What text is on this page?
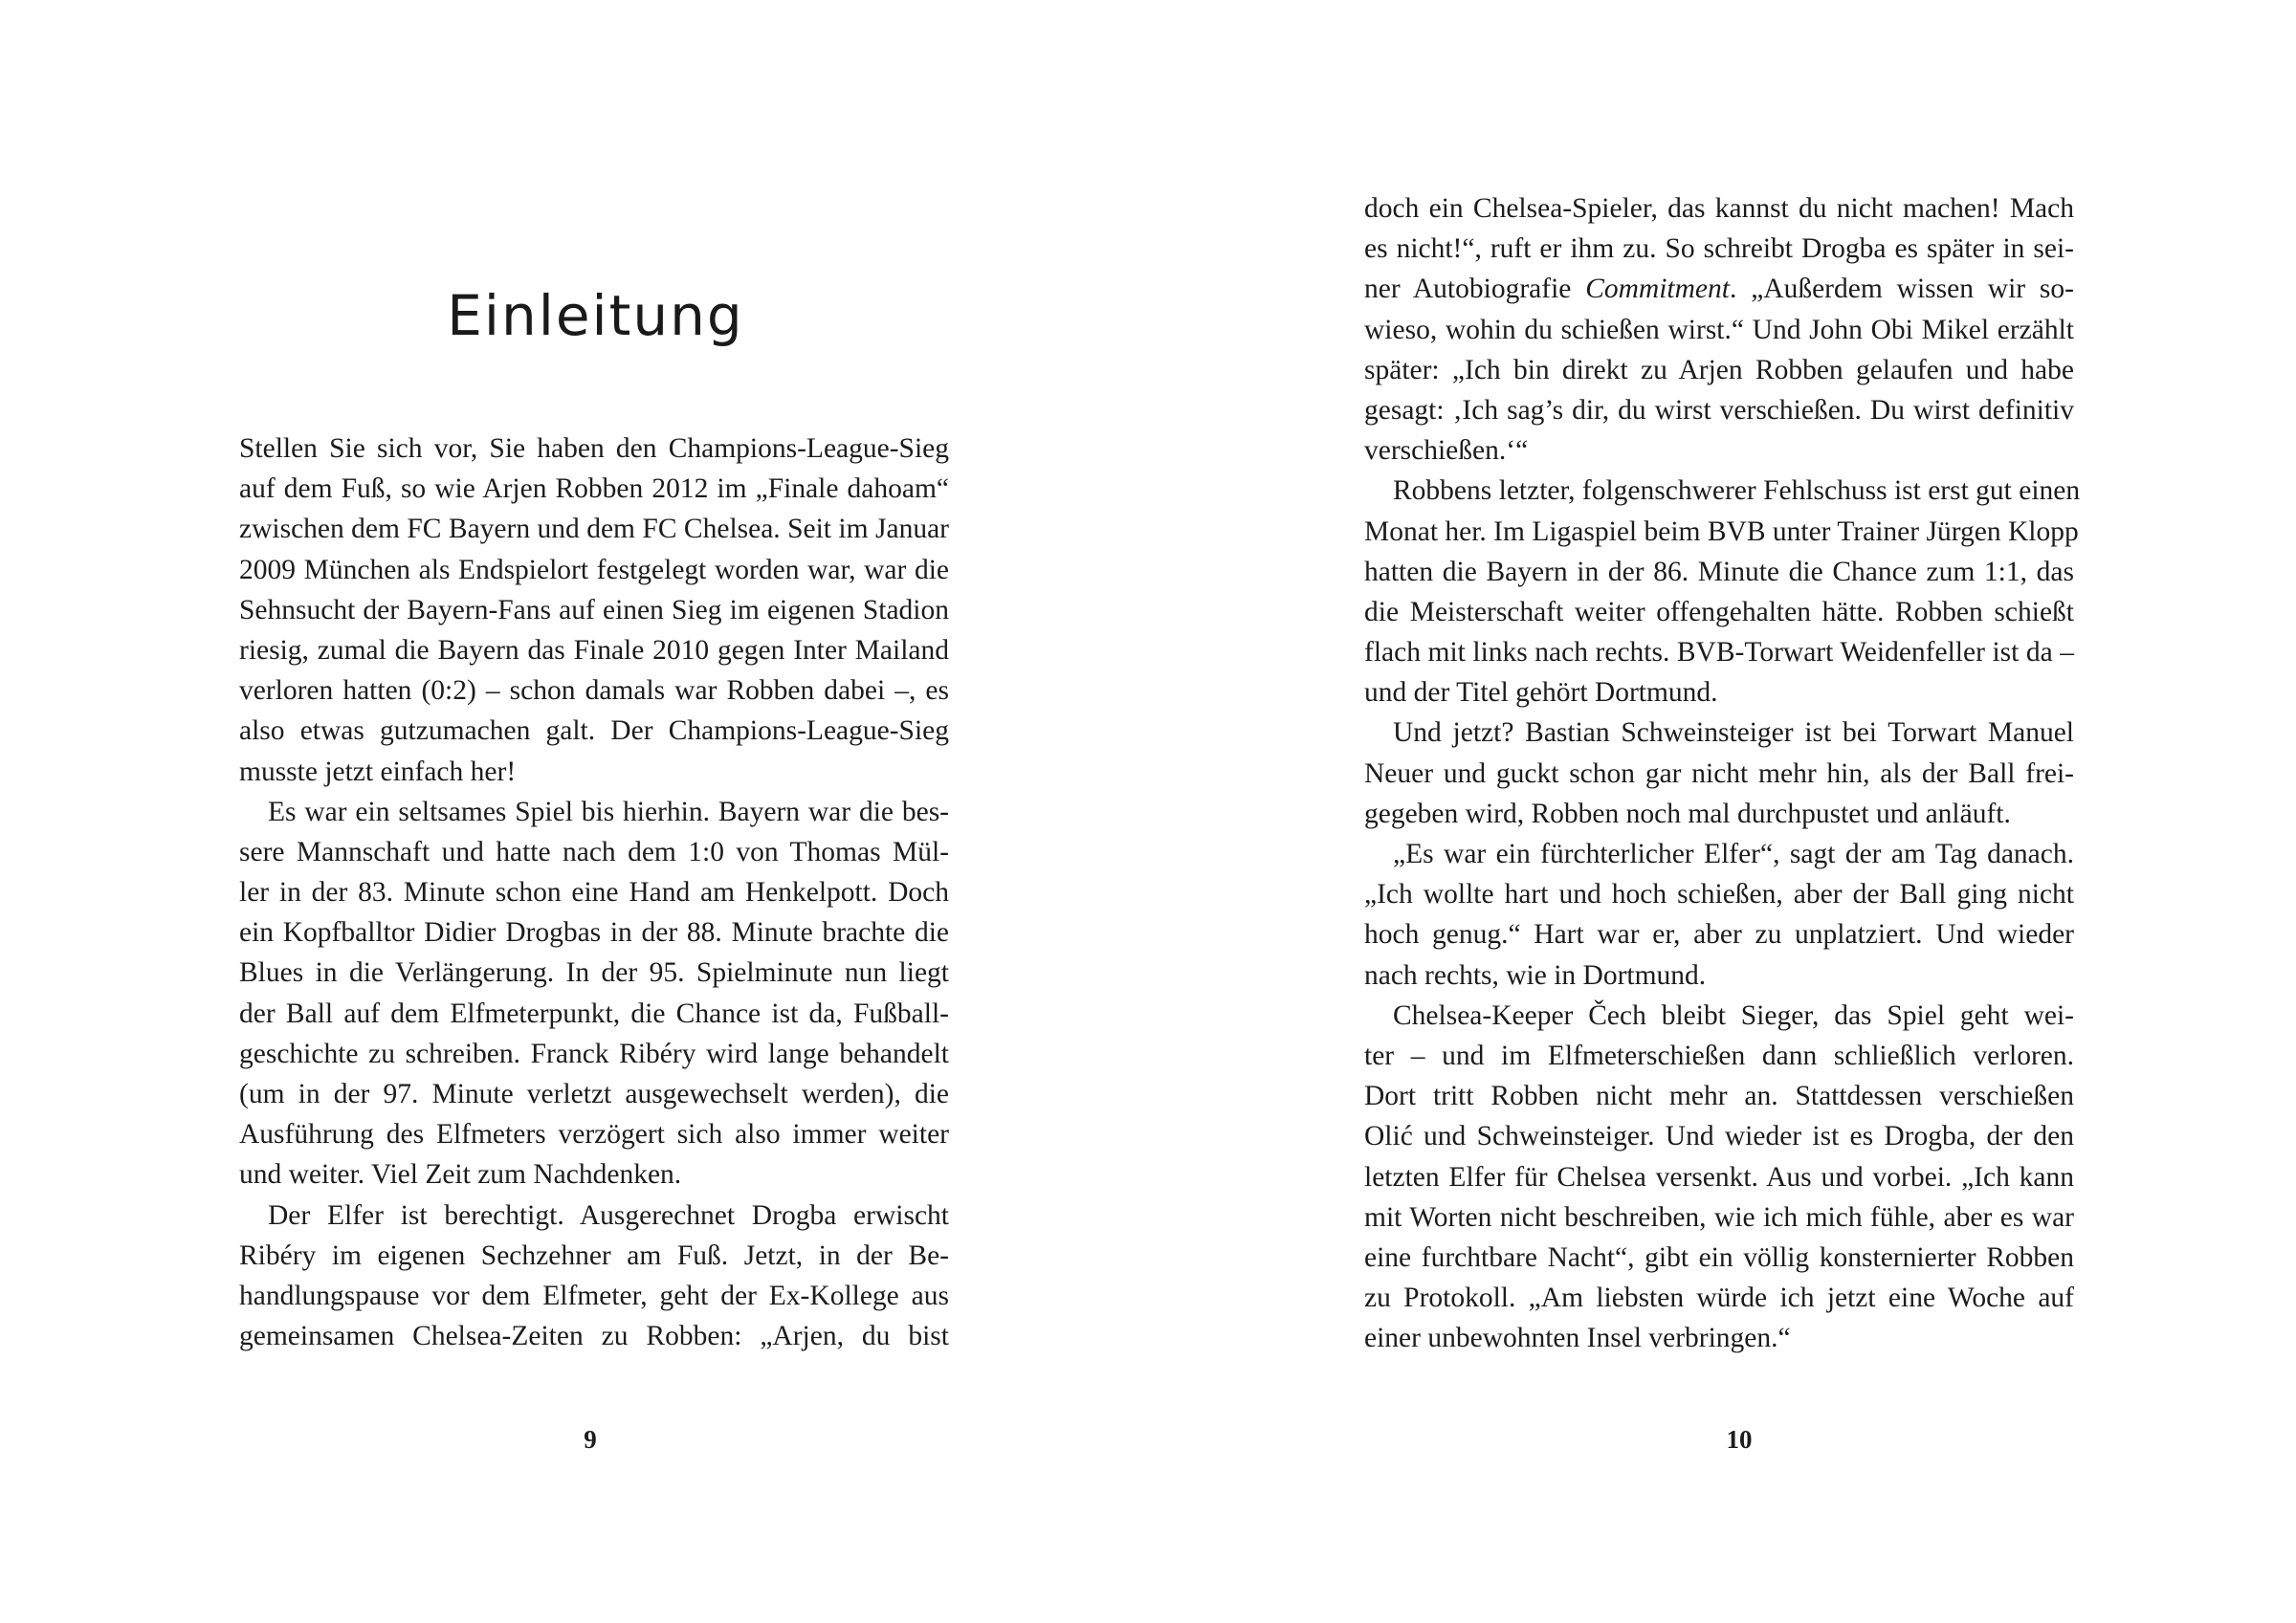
Einleitung
Stellen Sie sich vor, Sie haben den Champions-League-Sieg
auf dem Fuß, so wie Arjen Robben 2012 im „Finale dahoam“
zwischen dem FC Bayern und dem FC Chelsea. Seit im Januar
2009 München als Endspielort festgelegt worden war, war die
Sehnsucht der Bayern-Fans auf einen Sieg im eigenen Stadion
riesig, zumal die Bayern das Finale 2010 gegen Inter Mailand
verloren hatten (0:2) – schon damals war Robben dabei –, es
also etwas gutzumachen galt. Der Champions-League-Sieg
musste jetzt einfach her!
Es war ein seltsames Spiel bis hierhin. Bayern war die bes-
sere Mannschaft und hatte nach dem 1:0 von Thomas Mül-
ler in der 83. Minute schon eine Hand am Henkelpott. Doch
ein Kopfballtor Didier Drogbas in der 88. Minute brachte die
Blues in die Verlängerung. In der 95. Spielminute nun liegt
der Ball auf dem Elfmeterpunkt, die Chance ist da, Fußball-
geschichte zu schreiben. Franck Ribéry wird lange behandelt
(um in der 97. Minute verletzt ausgewechselt werden), die
Ausführung des Elfmeters verzögert sich also immer weiter
und weiter. Viel Zeit zum Nachdenken.
Der Elfer ist berechtigt. Ausgerechnet Drogba erwischt
Ribéry im eigenen Sechzehner am Fuß. Jetzt, in der Be-
handlungspause vor dem Elfmeter, geht der Ex-Kollege aus
gemeinsamen Chelsea-Zeiten zu Robben: „Arjen, du bist
9
doch ein Chelsea-Spieler, das kannst du nicht machen! Mach
es nicht!“, ruft er ihm zu. So schreibt Drogba es später in sei-
ner Autobiografie Commitment. „Außerdem wissen wir so-
wieso, wohin du schießen wirst.“ Und John Obi Mikel erzählt
später: „Ich bin direkt zu Arjen Robben gelaufen und habe
gesagt: ‚Ich sag’s dir, du wirst verschießen. Du wirst definitiv
verschießen.‘“
Robbens letzter, folgenschwerer Fehlschuss ist erst gut einen
Monat her. Im Ligaspiel beim BVB unter Trainer Jürgen Klopp
hatten die Bayern in der 86. Minute die Chance zum 1:1, das
die Meisterschaft weiter offengehalten hätte. Robben schießt
flach mit links nach rechts. BVB-Torwart Weidenfeller ist da –
und der Titel gehört Dortmund.
Und jetzt? Bastian Schweinsteiger ist bei Torwart Manuel
Neuer und guckt schon gar nicht mehr hin, als der Ball frei-
gegeben wird, Robben noch mal durchpustet und anläuft.
„Es war ein fürchterlicher Elfer“, sagt der am Tag danach.
„Ich wollte hart und hoch schießen, aber der Ball ging nicht
hoch genug.“ Hart war er, aber zu unplatziert. Und wieder
nach rechts, wie in Dortmund.
Chelsea-Keeper Čech bleibt Sieger, das Spiel geht wei-
ter – und im Elfmeterschießen dann schließlich verloren.
Dort tritt Robben nicht mehr an. Stattdessen verschießen
Olić und Schweinsteiger. Und wieder ist es Drogba, der den
letzten Elfer für Chelsea versenkt. Aus und vorbei. „Ich kann
mit Worten nicht beschreiben, wie ich mich fühle, aber es war
eine furchtbare Nacht“, gibt ein völlig konsternierter Robben
zu Protokoll. „Am liebsten würde ich jetzt eine Woche auf
einer unbewohnten Insel verbringen.“
10
